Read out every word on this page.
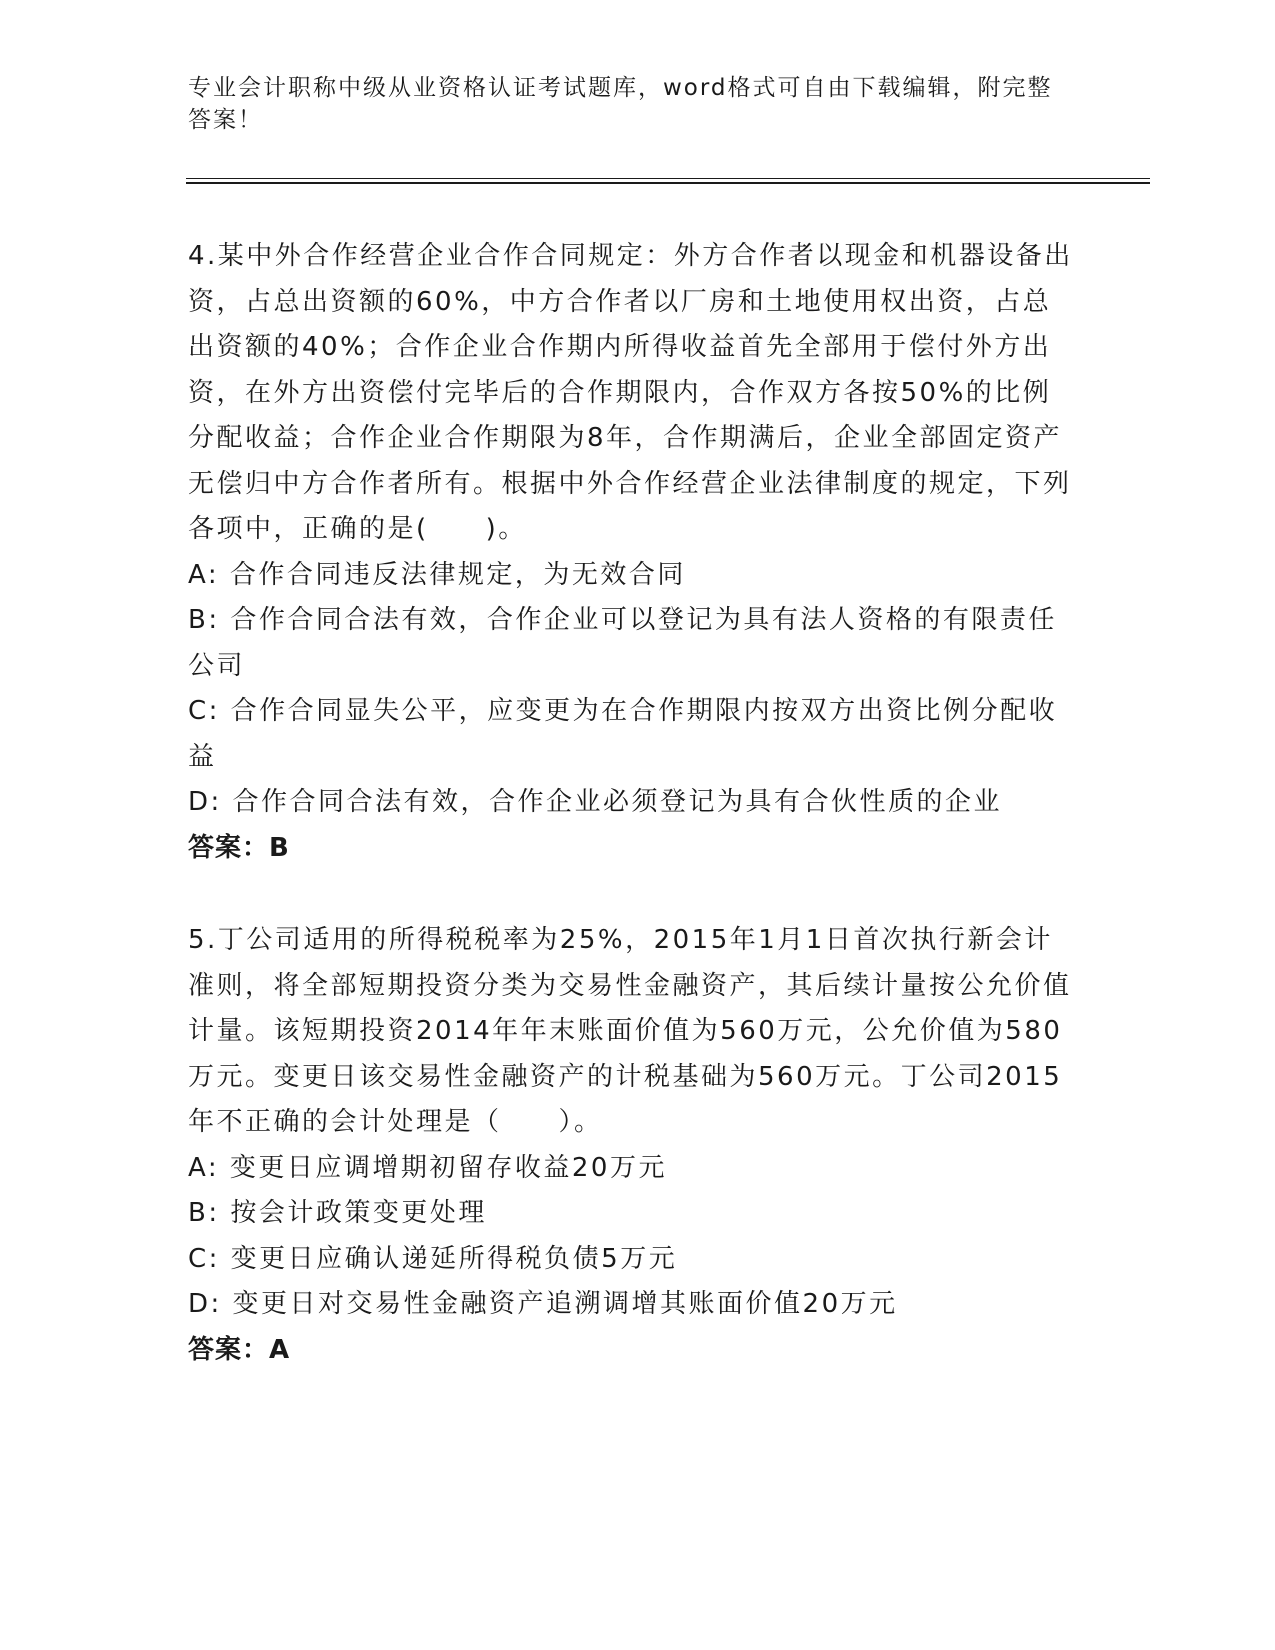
专业会计职称中级从业资格认证考试题库，word格式可自由下载编辑，附完整答案！

4.某中外合作经营企业合作合同规定：外方合作者以现金和机器设备出资，占总出资额的60%，中方合作者以厂房和土地使用权出资，占总出资额的40%；合作企业合作期内所得收益首先全部用于偿付外方出资，在外方出资偿付完毕后的合作期限内，合作双方各按50%的比例分配收益；合作企业合作期限为8年，合作期满后，企业全部固定资产无偿归中方合作者所有。根据中外合作经营企业法律制度的规定，下列各项中，正确的是(　　)。

A: 合作合同违反法律规定，为无效合同

B: 合作合同合法有效，合作企业可以登记为具有法人资格的有限责任公司

C: 合作合同显失公平，应变更为在合作期限内按双方出资比例分配收益

D: 合作合同合法有效，合作企业必须登记为具有合伙性质的企业

答案：B

5.丁公司适用的所得税税率为25%，2015年1月1日首次执行新会计准则，将全部短期投资分类为交易性金融资产，其后续计量按公允价值计量。该短期投资2014年年末账面价值为560万元，公允价值为580万元。变更日该交易性金融资产的计税基础为560万元。丁公司2015年不正确的会计处理是（　　）。

A: 变更日应调增期初留存收益20万元

B: 按会计政策变更处理

C: 变更日应确认递延所得税负债5万元

D: 变更日对交易性金融资产追溯调增其账面价值20万元

答案：A
